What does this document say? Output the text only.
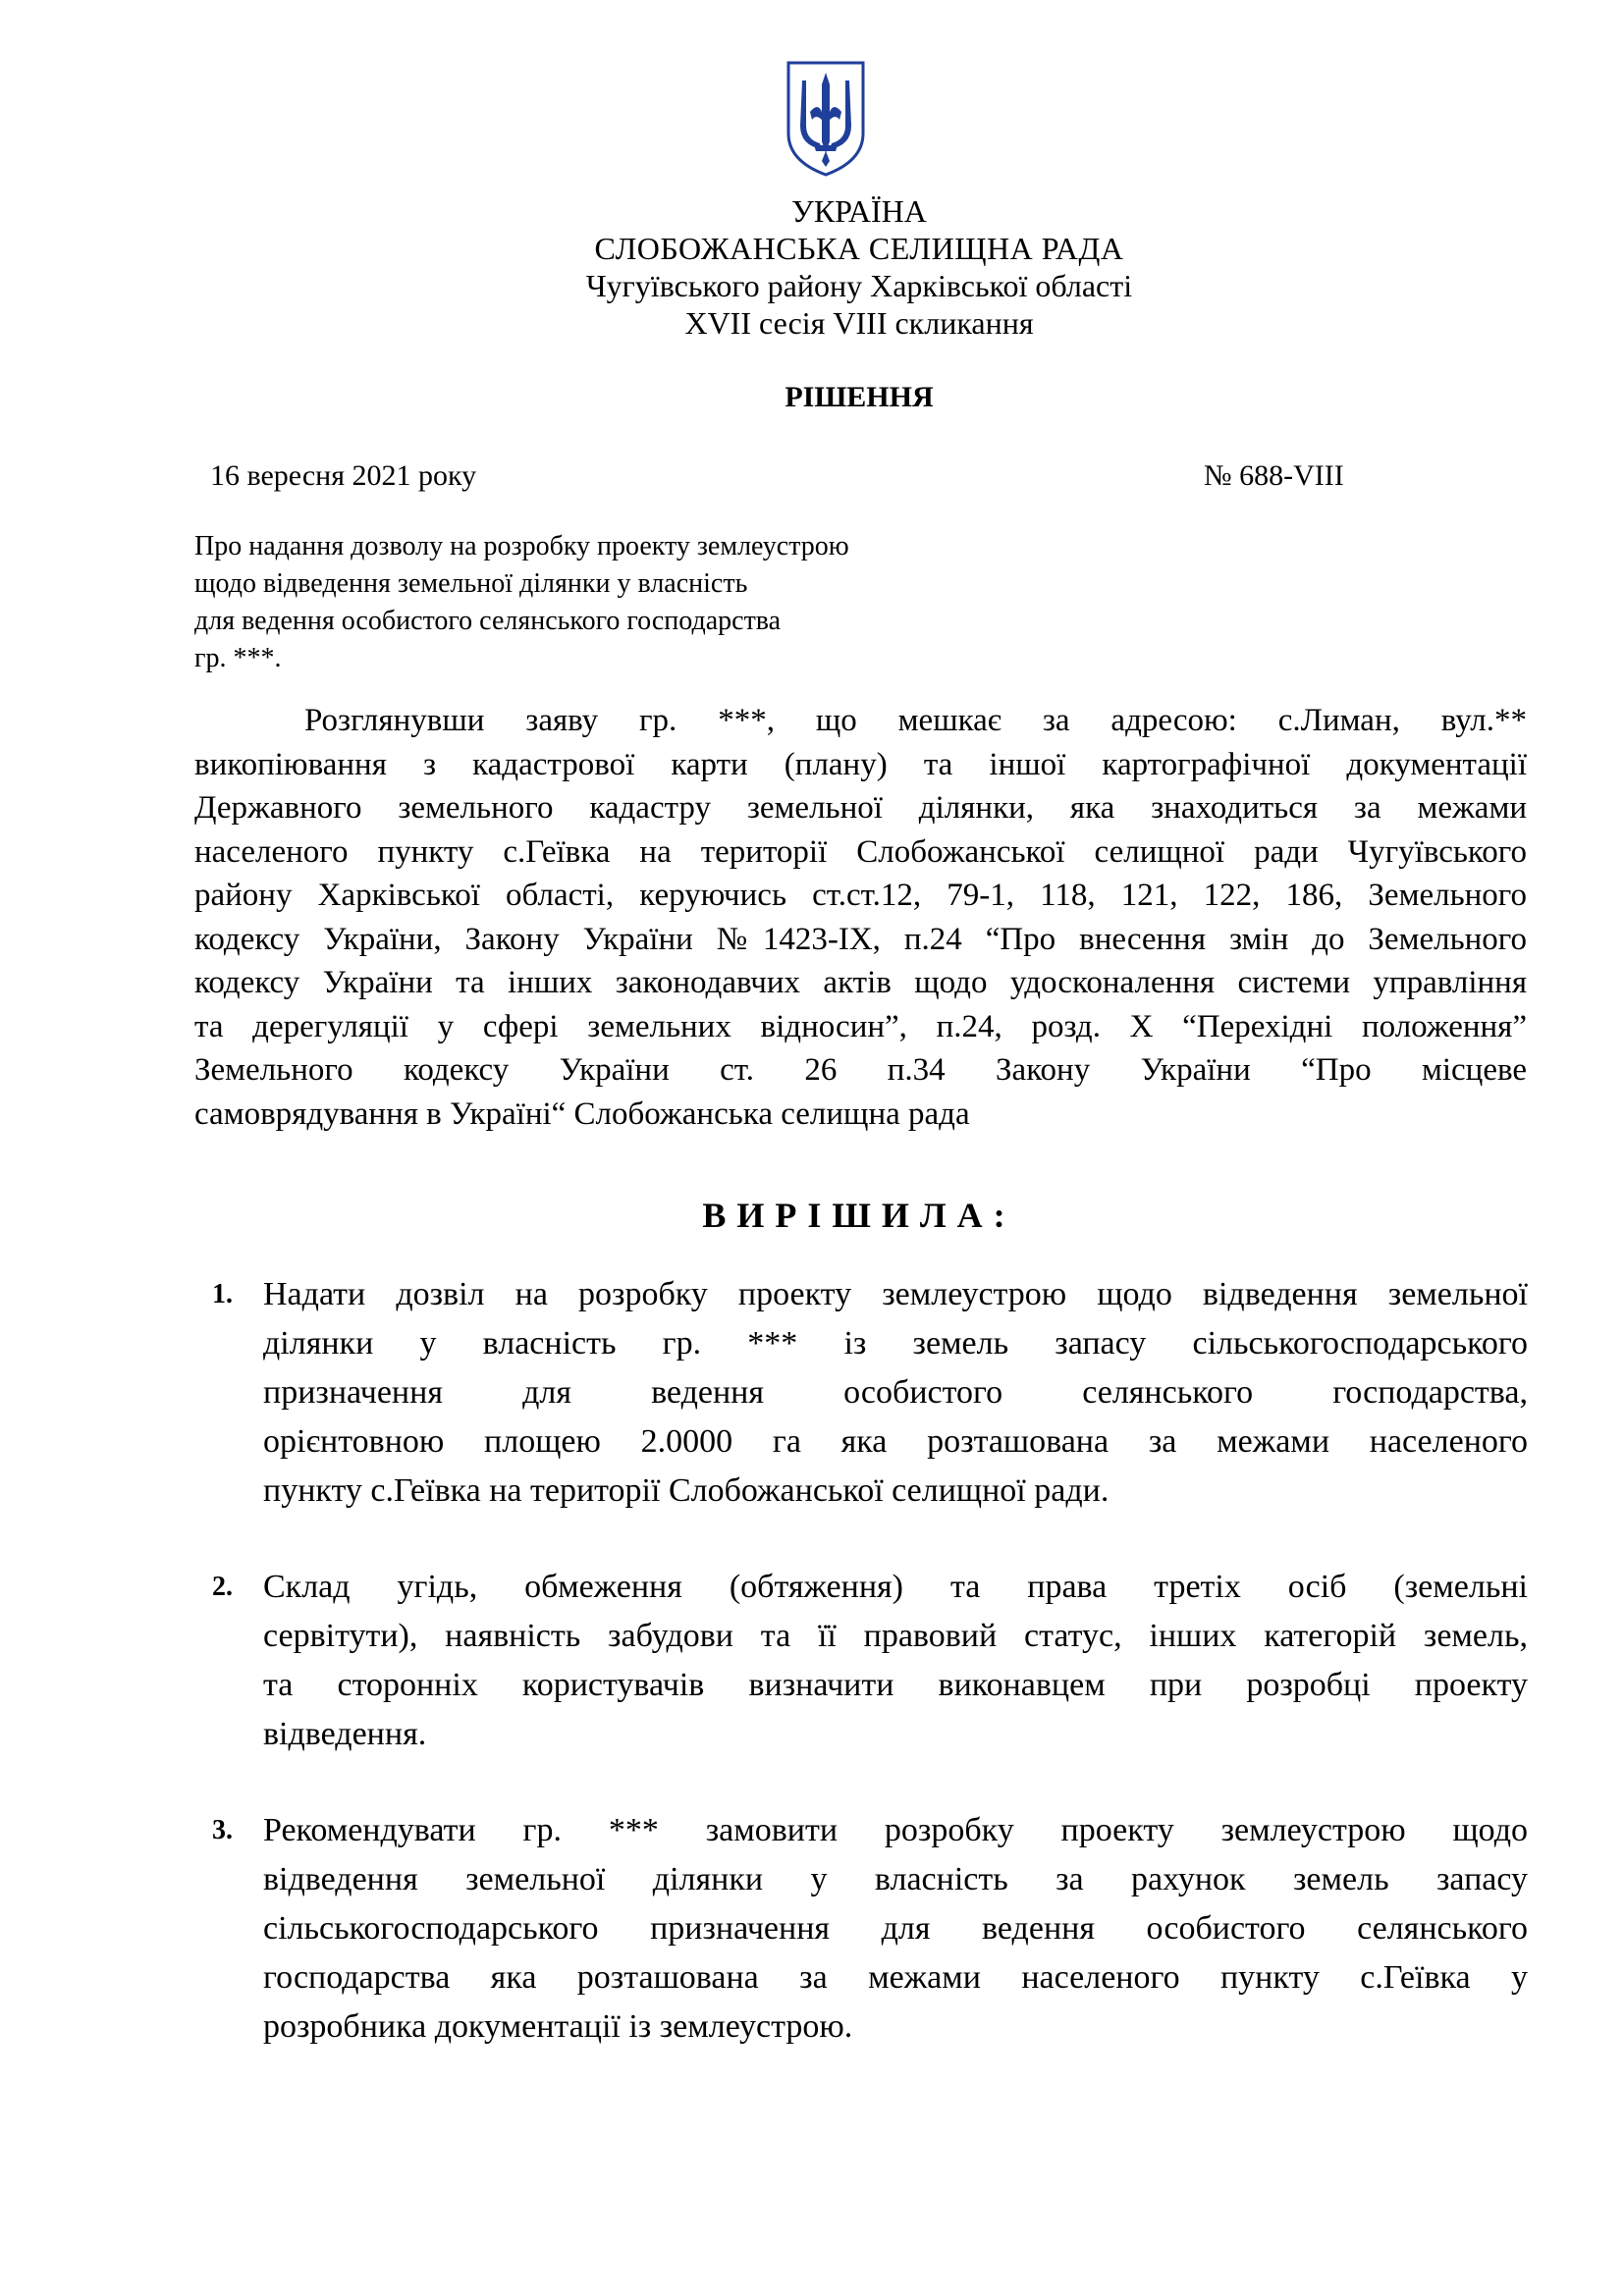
УКРАЇНА
СЛОБОЖАНСЬКА СЕЛИЩНА РАДА
Чугуївського району Харківської області
XVII сесія VIII скликання
РІШЕННЯ
16 вересня 2021 року	№ 688-VIII
Про надання дозволу на розробку проекту землеустрою
щодо відведення земельної ділянки у власність
для ведення особистого селянського господарства
гр. ***.
Розглянувши заяву гр. ***, що мешкає за адресою: с.Лиман, вул.**
викопіювання з кадастрової карти (плану) та іншої картографічної документації
Державного земельного кадастру земельної ділянки, яка знаходиться за межами
населеного пункту с.Геївка на території Слобожанської селищної ради Чугуївського
району Харківської області, керуючись ст.ст.12, 79-1, 118, 121, 122, 186, Земельного
кодексу України, Закону України №1423-IX, п.24 “Про внесення змін до Земельного
кодексу України та інших законодавчих актів щодо удосконалення системи управління
та дерегуляції у сфері земельних відносин”, п.24, розд. X “Перехідні положення”
Земельного кодексу України ст. 26 п.34 Закону України “Про місцеве
самоврядування в Україні“ Слобожанська селищна рада
ВИРІШИЛА:
1. Надати дозвіл на розробку проекту землеустрою щодо відведення земельної
ділянки у власність гр. *** із земель запасу сільськогосподарського
призначення для ведення особистого селянського господарства,
орієнтовною площею 2.0000 га яка розташована за межами населеного
пункту с.Геївка на території Слобожанської селищної ради.
2. Склад угідь, обмеження (обтяження) та права третіх осіб (земельні
сервітути), наявність забудови та її правовий статус, інших категорій земель,
та сторонніх користувачів визначити виконавцем при розробці проекту
відведення.
3. Рекомендувати гр. *** замовити розробку проекту землеустрою щодо
відведення земельної ділянки у власність за рахунок земель запасу
сільськогосподарського призначення для ведення особистого селянського
господарства яка розташована за межами населеного пункту с.Геївка у
розробника документації із землеустрою.
